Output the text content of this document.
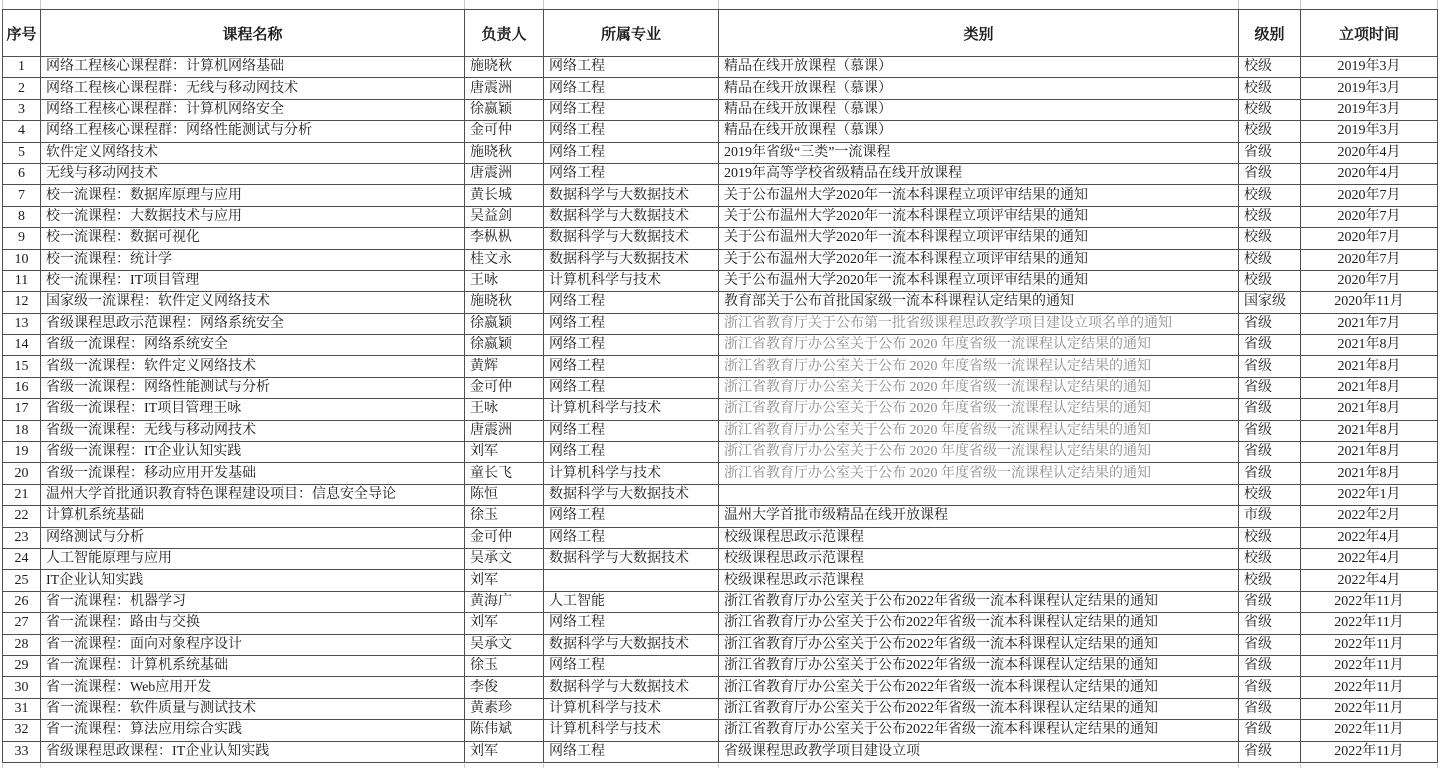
序号	课程名称	负责人	所属专业	类别	级别	立项时间
1	网络工程核心课程群：计算机网络基础	施晓秋	网络工程	精品在线开放课程（慕课）	校级	2019年3月
2	网络工程核心课程群：无线与移动网技术	唐震洲	网络工程	精品在线开放课程（慕课）	校级	2019年3月
3	网络工程核心课程群：计算机网络安全	徐嬴颖	网络工程	精品在线开放课程（慕课）	校级	2019年3月
4	网络工程核心课程群：网络性能测试与分析	金可仲	网络工程	精品在线开放课程（慕课）	校级	2019年3月
5	软件定义网络技术	施晓秋	网络工程	2019年省级“三类”一流课程	省级	2020年4月
6	无线与移动网技术	唐震洲	网络工程	2019年高等学校省级精品在线开放课程	省级	2020年4月
7	校一流课程：数据库原理与应用	黄长城	数据科学与大数据技术	关于公布温州大学2020年一流本科课程立项评审结果的通知	校级	2020年7月
8	校一流课程：大数据技术与应用	吴益剑	数据科学与大数据技术	关于公布温州大学2020年一流本科课程立项评审结果的通知	校级	2020年7月
9	校一流课程：数据可视化	李枞枞	数据科学与大数据技术	关于公布温州大学2020年一流本科课程立项评审结果的通知	校级	2020年7月
10	校一流课程：统计学	桂文永	数据科学与大数据技术	关于公布温州大学2020年一流本科课程立项评审结果的通知	校级	2020年7月
11	校一流课程：IT项目管理	王咏	计算机科学与技术	关于公布温州大学2020年一流本科课程立项评审结果的通知	校级	2020年7月
12	国家级一流课程：软件定义网络技术	施晓秋	网络工程	教育部关于公布首批国家级一流本科课程认定结果的通知	国家级	2020年11月
13	省级课程思政示范课程：网络系统安全	徐嬴颖	网络工程	浙江省教育厅关于公布第一批省级课程思政教学项目建设立项名单的通知	省级	2021年7月
14	省级一流课程：网络系统安全	徐嬴颖	网络工程	浙江省教育厅办公室关于公布 2020 年度省级一流课程认定结果的通知	省级	2021年8月
15	省级一流课程：软件定义网络技术	黄辉	网络工程	浙江省教育厅办公室关于公布 2020 年度省级一流课程认定结果的通知	省级	2021年8月
16	省级一流课程：网络性能测试与分析	金可仲	网络工程	浙江省教育厅办公室关于公布 2020 年度省级一流课程认定结果的通知	省级	2021年8月
17	省级一流课程：IT项目管理王咏	王咏	计算机科学与技术	浙江省教育厅办公室关于公布 2020 年度省级一流课程认定结果的通知	省级	2021年8月
18	省级一流课程：无线与移动网技术	唐震洲	网络工程	浙江省教育厅办公室关于公布 2020 年度省级一流课程认定结果的通知	省级	2021年8月
19	省级一流课程：IT企业认知实践	刘军	网络工程	浙江省教育厅办公室关于公布 2020 年度省级一流课程认定结果的通知	省级	2021年8月
20	省级一流课程：移动应用开发基础	童长飞	计算机科学与技术	浙江省教育厅办公室关于公布 2020 年度省级一流课程认定结果的通知	省级	2021年8月
21	温州大学首批通识教育特色课程建设项目：信息安全导论	陈恒	数据科学与大数据技术		校级	2022年1月
22	计算机系统基础	徐玉	网络工程	温州大学首批市级精品在线开放课程	市级	2022年2月
23	网络测试与分析	金可仲	网络工程	校级课程思政示范课程	校级	2022年4月
24	人工智能原理与应用	吴承文	数据科学与大数据技术	校级课程思政示范课程	校级	2022年4月
25	IT企业认知实践	刘军		校级课程思政示范课程	校级	2022年4月
26	省一流课程：机器学习	黄海广	人工智能	浙江省教育厅办公室关于公布2022年省级一流本科课程认定结果的通知	省级	2022年11月
27	省一流课程：路由与交换	刘军	网络工程	浙江省教育厅办公室关于公布2022年省级一流本科课程认定结果的通知	省级	2022年11月
28	省一流课程：面向对象程序设计	吴承文	数据科学与大数据技术	浙江省教育厅办公室关于公布2022年省级一流本科课程认定结果的通知	省级	2022年11月
29	省一流课程：计算机系统基础	徐玉	网络工程	浙江省教育厅办公室关于公布2022年省级一流本科课程认定结果的通知	省级	2022年11月
30	省一流课程：Web应用开发	李俊	数据科学与大数据技术	浙江省教育厅办公室关于公布2022年省级一流本科课程认定结果的通知	省级	2022年11月
31	省一流课程：软件质量与测试技术	黄素珍	计算机科学与技术	浙江省教育厅办公室关于公布2022年省级一流本科课程认定结果的通知	省级	2022年11月
32	省一流课程：算法应用综合实践	陈伟斌	计算机科学与技术	浙江省教育厅办公室关于公布2022年省级一流本科课程认定结果的通知	省级	2022年11月
33	省级课程思政课程：IT企业认知实践	刘军	网络工程	省级课程思政教学项目建设立项	省级	2022年11月
